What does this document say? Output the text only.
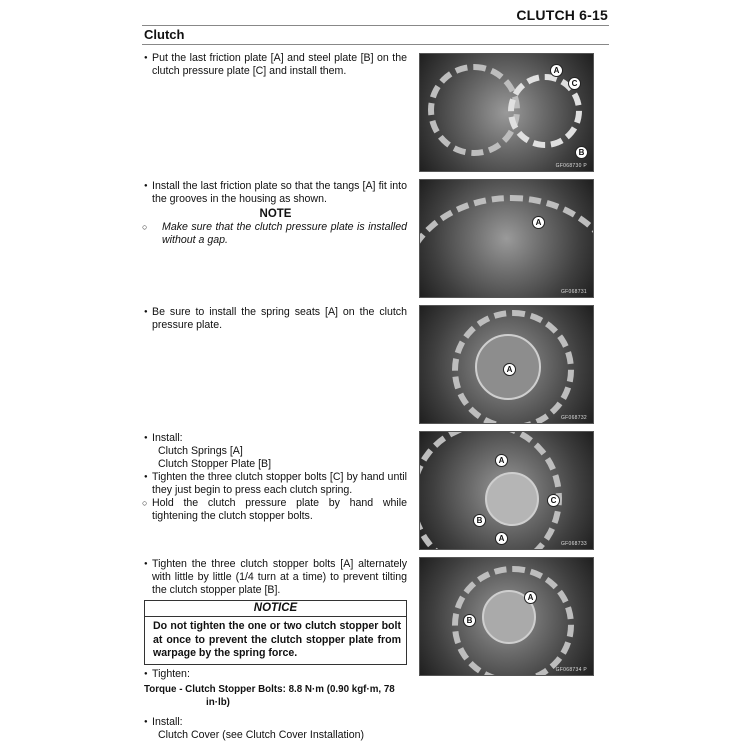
CLUTCH 6-15
Clutch
● Put the last friction plate [A] and steel plate [B] on the clutch pressure plate [C] and install them.
● Install the last friction plate so that the tangs [A] fit into the grooves in the housing as shown.
NOTE
○ Make sure that the clutch pressure plate is installed without a gap.
● Be sure to install the spring seats [A] on the clutch pressure plate.
● Install:
Clutch Springs [A]
Clutch Stopper Plate [B]
● Tighten the three clutch stopper bolts [C] by hand until they just begin to press each clutch spring.
○ Hold the clutch pressure plate by hand while tightening the clutch stopper bolts.
● Tighten the three clutch stopper bolts [A] alternately with little by little (1/4 turn at a time) to prevent tilting the clutch stopper plate [B].
NOTICE
Do not tighten the one or two clutch stopper bolt at once to prevent the clutch stopper plate from warpage by the spring force.
● Tighten:
Torque - Clutch Stopper Bolts: 8.8 N·m (0.90 kgf·m, 78
in·lb)
● Install:
Clutch Cover (see Clutch Cover Installation)
A
C
B
GF068730 P
A
GF068731
A
GF068732
A
C
B
A
GF068733
A
B
GF068734 P
